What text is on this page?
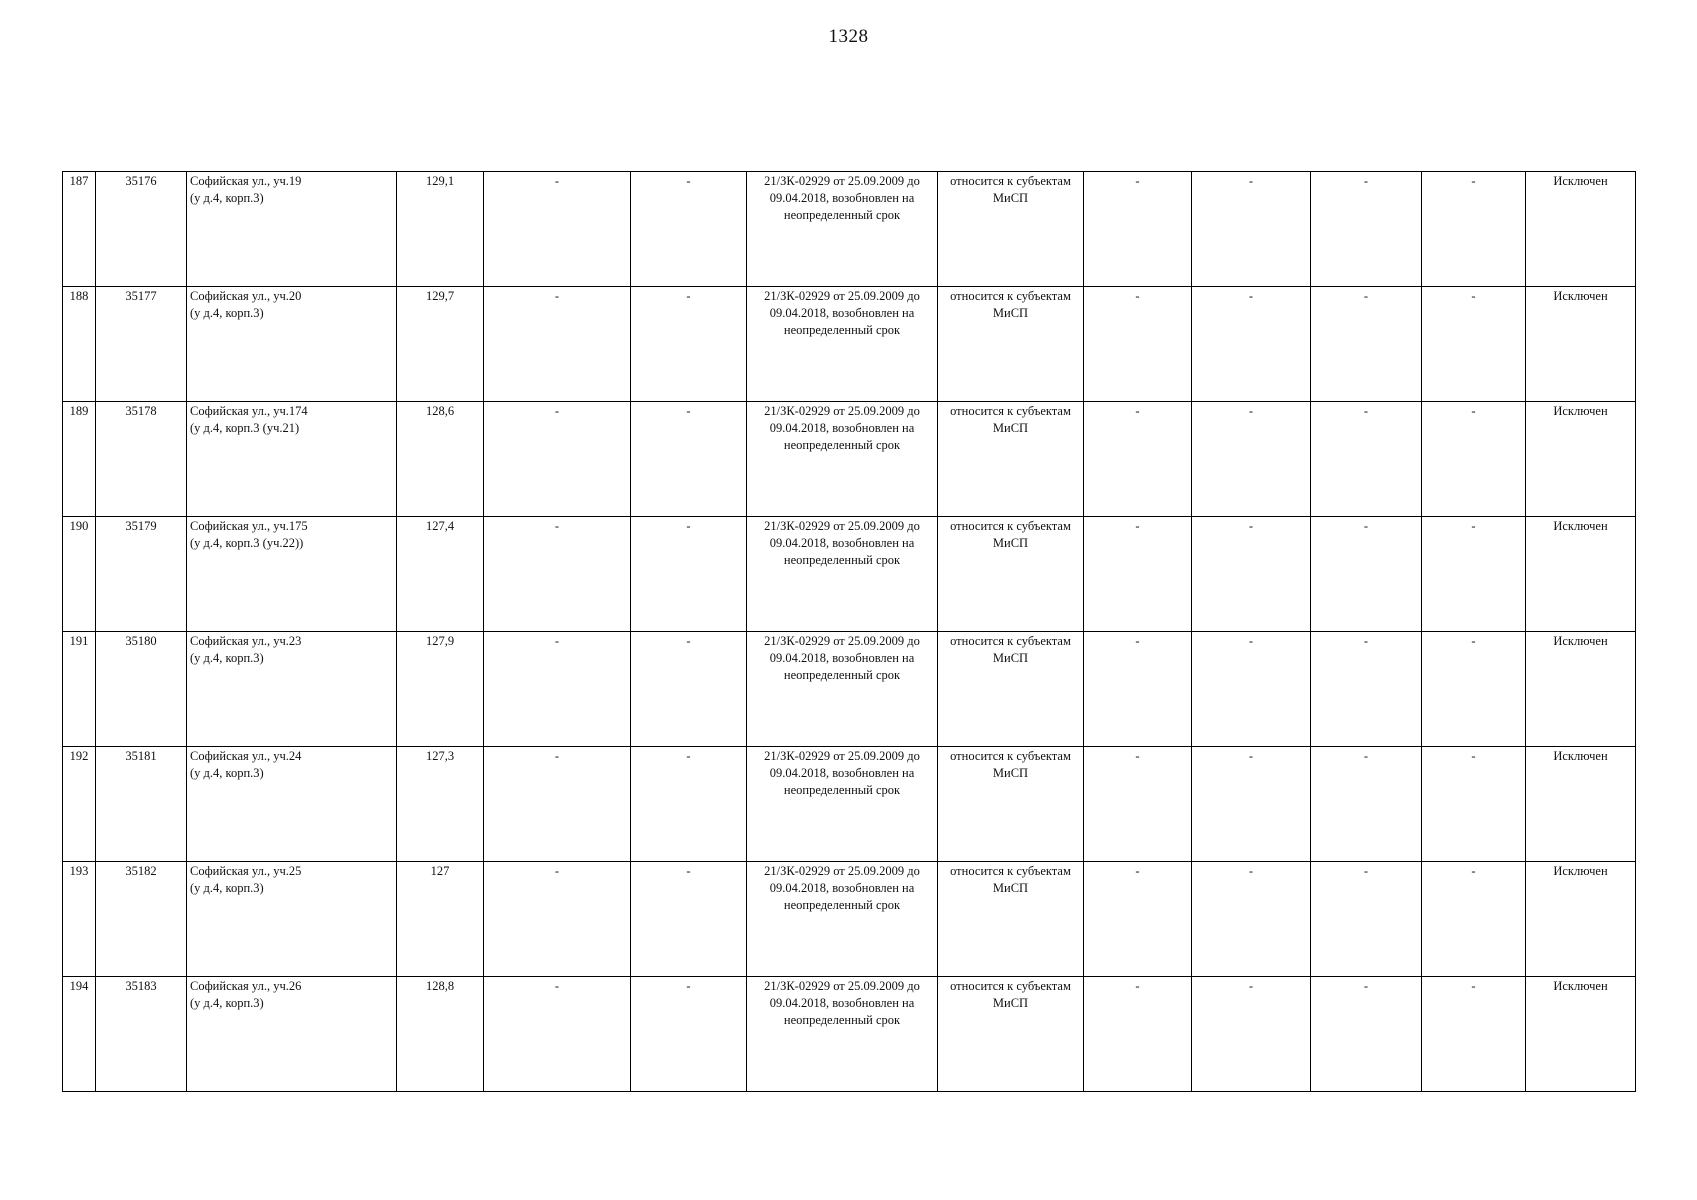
1328
187	35176	Софийская ул., уч.19
(у д.4, корп.3)	129,1	-	-	21/ЗК-02929 от 25.09.2009 до 09.04.2018, возобновлен на неопределенный срок	относится к субъектам МиСП	-	-	-	-	Исключен
188	35177	Софийская ул., уч.20
(у д.4, корп.3)	129,7	-	-	21/ЗК-02929 от 25.09.2009 до 09.04.2018, возобновлен на неопределенный срок	относится к субъектам МиСП	-	-	-	-	Исключен
189	35178	Софийская ул., уч.174
(у д.4, корп.3 (уч.21)	128,6	-	-	21/ЗК-02929 от 25.09.2009 до 09.04.2018, возобновлен на неопределенный срок	относится к субъектам МиСП	-	-	-	-	Исключен
190	35179	Софийская ул., уч.175
(у д.4, корп.3 (уч.22))	127,4	-	-	21/ЗК-02929 от 25.09.2009 до 09.04.2018, возобновлен на неопределенный срок	относится к субъектам МиСП	-	-	-	-	Исключен
191	35180	Софийская ул., уч.23
(у д.4, корп.3)	127,9	-	-	21/ЗК-02929 от 25.09.2009 до 09.04.2018, возобновлен на неопределенный срок	относится к субъектам МиСП	-	-	-	-	Исключен
192	35181	Софийская ул., уч.24
(у д.4, корп.3)	127,3	-	-	21/ЗК-02929 от 25.09.2009 до 09.04.2018, возобновлен на неопределенный срок	относится к субъектам МиСП	-	-	-	-	Исключен
193	35182	Софийская ул., уч.25
(у д.4, корп.3)	127	-	-	21/ЗК-02929 от 25.09.2009 до 09.04.2018, возобновлен на неопределенный срок	относится к субъектам МиСП	-	-	-	-	Исключен
194	35183	Софийская ул., уч.26
(у д.4, корп.3)	128,8	-	-	21/ЗК-02929 от 25.09.2009 до 09.04.2018, возобновлен на неопределенный срок	относится к субъектам МиСП	-	-	-	-	Исключен
